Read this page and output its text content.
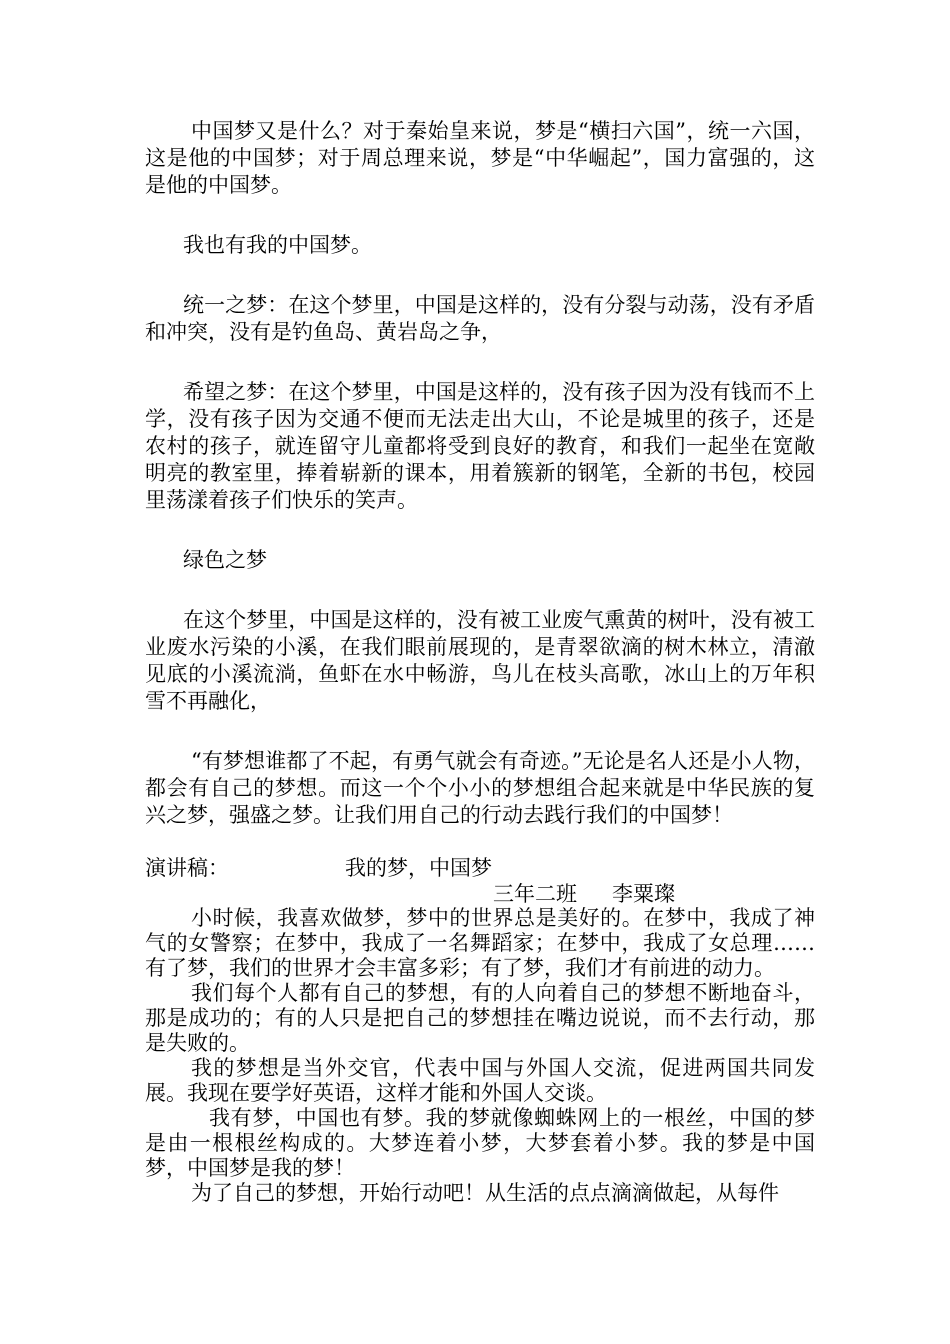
中国梦又是什么？对于秦始皇来说，梦是“横扫六国”，统一六国，这是他的中国梦；对于周总理来说，梦是“中华崛起”，国力富强的，这是他的中国梦。

我也有我的中国梦。

统一之梦：在这个梦里，中国是这样的，没有分裂与动荡，没有矛盾和冲突，没有是钓鱼岛、黄岩岛之争，

希望之梦：在这个梦里，中国是这样的，没有孩子因为没有钱而不上学，没有孩子因为交通不便而无法走出大山，不论是城里的孩子，还是农村的孩子，就连留守儿童都将受到良好的教育，和我们一起坐在宽敞明亮的教室里，捧着崭新的课本，用着簇新的钢笔，全新的书包，校园里荡漾着孩子们快乐的笑声。

绿色之梦

在这个梦里，中国是这样的，没有被工业废气熏黄的树叶，没有被工业废水污染的小溪，在我们眼前展现的，是青翠欲滴的树木林立，清澈见底的小溪流淌，鱼虾在水中畅游，鸟儿在枝头高歌，冰山上的万年积雪不再融化，

“有梦想谁都了不起，有勇气就会有奇迹。”无论是名人还是小人物，都会有自己的梦想。而这一个个小小的梦想组合起来就是中华民族的复兴之梦，强盛之梦。让我们用自己的行动去践行我们的中国梦！

演讲稿：	我的梦，中国梦
三年二班 李粟璨

小时候，我喜欢做梦，梦中的世界总是美好的。在梦中，我成了神气的女警察；在梦中，我成了一名舞蹈家；在梦中，我成了女总理……有了梦，我们的世界才会丰富多彩；有了梦，我们才有前进的动力。

我们每个人都有自己的梦想，有的人向着自己的梦想不断地奋斗，那是成功的；有的人只是把自己的梦想挂在嘴边说说，而不去行动，那是失败的。

我的梦想是当外交官，代表中国与外国人交流，促进两国共同发展。我现在要学好英语，这样才能和外国人交谈。

我有梦，中国也有梦。我的梦就像蜘蛛网上的一根丝，中国的梦是由一根根丝构成的。大梦连着小梦，大梦套着小梦。我的梦是中国梦，中国梦是我的梦！

为了自己的梦想，开始行动吧！从生活的点点滴滴做起，从每件
